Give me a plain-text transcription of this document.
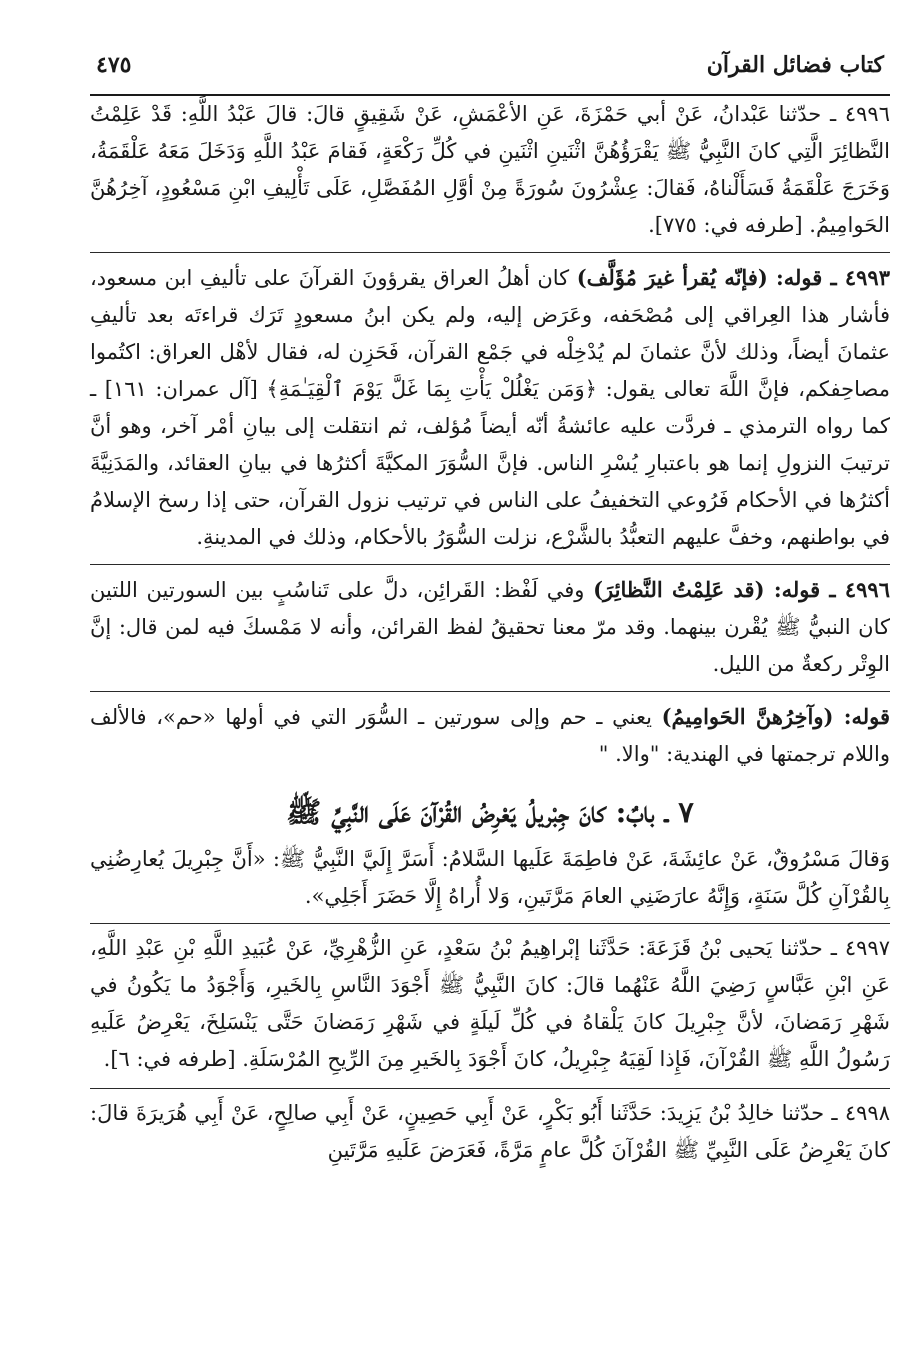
كتاب فضائل القرآن
٤٧٥

٤٩٩٦ ـ حدّثنا عَبْدانُ، عَنْ أبي حَمْزَةَ، عَنِ الأعْمَشِ، عَنْ شَقِيقٍ قالَ: قالَ عَبْدُ اللَّهِ: قَدْ عَلِمْتُ النَّظائِرَ الَّتِي كانَ النَّبِيُّ ﷺ يَقْرَؤُهُنَّ اثْنَينِ اثْنَينِ في كُلِّ رَكْعَةٍ، فَقامَ عَبْدُ اللَّهِ وَدَخَلَ مَعَهُ عَلْقَمَةُ، وَخَرَجَ عَلْقَمَةُ فَسَأَلْناهُ، فَقالَ: عِشْرُونَ سُورَةً مِنْ أوَّلِ المُفَصَّلِ، عَلَى تَأْلِيفِ ابْنِ مَسْعُودٍ، آخِرُهُنَّ الحَوامِيمُ. [طرفه في: ٧٧٥].

٤٩٩٣ ـ قوله: (فإنّه يُقرأ غيرَ مُؤَلَّف) كان أهلُ العراق يقرؤونَ القرآنَ على تأليفِ ابن مسعود، فأشار هذا العِراقي إلى مُصْحَفه، وعَرَض إليه، ولم يكن ابنُ مسعودٍ تَرَك قراءتَه بعد تأليفِ عثمانَ أيضاً، وذلك لأنَّ عثمانَ لم يُدْخِلْه في جَمْع القرآن، فَحَزِن له، فقال لأهْل العراق: اكتُموا مصاحِفكم، فإنَّ اللَّهَ تعالى يقول: ﴿وَمَن يَغْلُلْ يَأْتِ بِمَا غَلَّ يَوْمَ ٱلْقِيَـٰمَةِ﴾ [آل عمران: ١٦١] ـ كما رواه الترمذي ـ فردَّت عليه عائشةُ أنّه أيضاً مُؤلف، ثم انتقلت إلى بيانِ أمْر آخر، وهو أنَّ ترتيبَ النزولِ إنما هو باعتبارِ يُسْرِ الناس. فإنَّ السُّوَرَ المكيَّةَ أكثرُها في بيانِ العقائد، والمَدَنِيَّةَ أكثرُها في الأحكام فَرُوعي التخفيفُ على الناس في ترتيب نزول القرآن، حتى إذا رسخ الإسلامُ في بواطنهم، وخفَّ عليهم التعبُّدُ بالشَّرْع، نزلت السُّوَرُ بالأحكام، وذلك في المدينةِ.

٤٩٩٦ ـ قوله: (قد عَلِمْتُ النَّظائِرَ) وفي لَفْظ: القَرائِن، دلَّ على تَناسُبٍ بين السورتين اللتين كان النبيُّ ﷺ يُقْرن بينهما. وقد مرّ معنا تحقيقُ لفظ القرائن، وأنه لا مَمْسكَ فيه لمن قال: إنَّ الوِتْر ركعةٌ من الليل.

قوله: (وآخِرُهنَّ الحَوامِيمُ) يعني ـ حم وإلى سورتين ـ السُّوَر التي في أولها «حم»، فالألف واللام ترجمتها في الهندية: "والا. "

٧ ـ بابٌ: كانَ جِبْريلُ يَعْرِضُ القُرْآنَ عَلَى النَّبِيِّ ﷺ

وَقالَ مَسْرُوقٌ، عَنْ عائِشَةَ، عَنْ فاطِمَةَ عَلَيها السَّلامُ: أَسَرَّ إِلَيَّ النَّبِيُّ ﷺ: «أَنَّ جِبْرِيلَ يُعارِضُنِي بِالقُرْآنِ كُلَّ سَنَةٍ، وَإِنَّهُ عارَضَنِي العامَ مَرَّتَينِ، وَلا أُراهُ إِلَّا حَضَرَ أَجَلِي».

٤٩٩٧ ـ حدّثنا يَحيى بْنُ قَزَعَةَ: حَدَّثَنا إبْراهِيمُ بْنُ سَعْدٍ، عَنِ الزُّهْرِيِّ، عَنْ عُبَيدِ اللَّهِ بْنِ عَبْدِ اللَّهِ، عَنِ ابْنِ عَبَّاسٍ رَضِيَ اللَّهُ عَنْهُما قالَ: كانَ النَّبِيُّ ﷺ أَجْوَدَ النَّاسِ بِالخَيرِ، وَأَجْوَدُ ما يَكُونُ في شَهْرِ رَمَضانَ، لأنَّ جِبْرِيلَ كانَ يَلْقاهُ في كُلِّ لَيلَةٍ في شَهْرِ رَمَضانَ حَتَّى يَنْسَلِخَ، يَعْرِضُ عَلَيهِ رَسُولُ اللَّهِ ﷺ القُرْآنَ، فَإِذا لَقِيَهُ جِبْرِيلُ، كانَ أَجْوَدَ بِالخَيرِ مِنَ الرِّيحِ المُرْسَلَةِ. [طرفه في: ٦].

٤٩٩٨ ـ حدّثنا خالِدُ بْنُ يَزِيدَ: حَدَّثَنا أَبُو بَكْرٍ، عَنْ أَبِي حَصِينٍ، عَنْ أَبِي صالِحٍ، عَنْ أَبِي هُرَيرَةَ قالَ: كانَ يَعْرِضُ عَلَى النَّبِيِّ ﷺ القُرْآنَ كُلَّ عامٍ مَرَّةً، فَعَرَضَ عَلَيهِ مَرَّتَينِ
